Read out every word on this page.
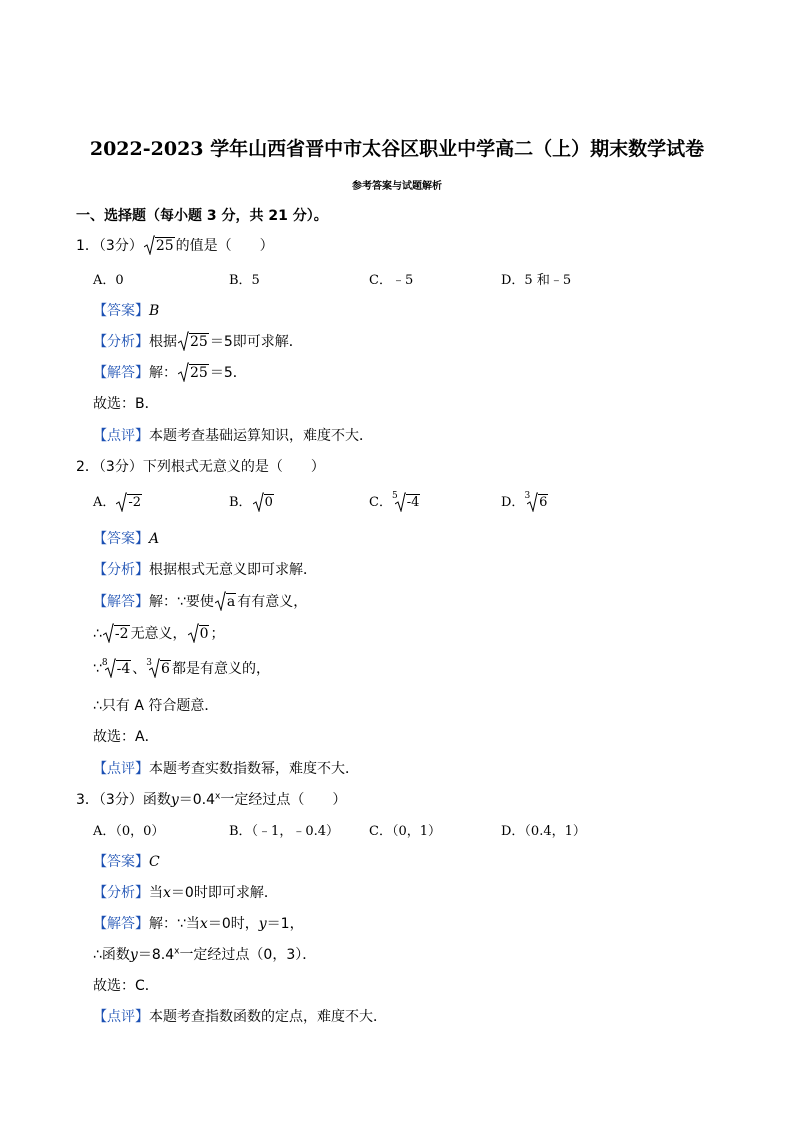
2022-2023 学年山西省晋中市太谷区职业中学高二（上）期末数学试卷
参考答案与试题解析
一、选择题（每小题 3 分，共 21 分）。
1．（3分） 25 的值是（　　）
A．0	B．5	C．﹣5	D．5 和﹣5
【答案】B
【分析】根据 25 ＝5即可求解．
【解答】解： 25 ＝5．
故选：B．
【点评】本题考查基础运算知识，难度不大．
2．（3分）下列根式无意义的是（　　）
A． -2	B． 0	C．$^5$ -4	D．$^3$ 6
【答案】A
【分析】根据根式无意义即可求解．
【解答】解：∵要使 a 有有意义，
∴ -2 无意义， 0 ；
∵$^8$ -4 、$^3$ 6 都是有意义的，
∴只有 A 符合题意．
故选：A．
【点评】本题考查实数指数幂，难度不大．
3．（3分）函数$y=0.4^x$一定经过点（　　）
A．（0，0）	B．（﹣1，﹣0.4） C．（0，1）	D．（0.4，1）
【答案】C
【分析】当x＝0时即可求解．
【解答】解：∵当x＝0时，y＝1，
∴函数$y=8.4^x$一定经过点（0，3）．
故选：C．
【点评】本题考查指数函数的定点，难度不大．
